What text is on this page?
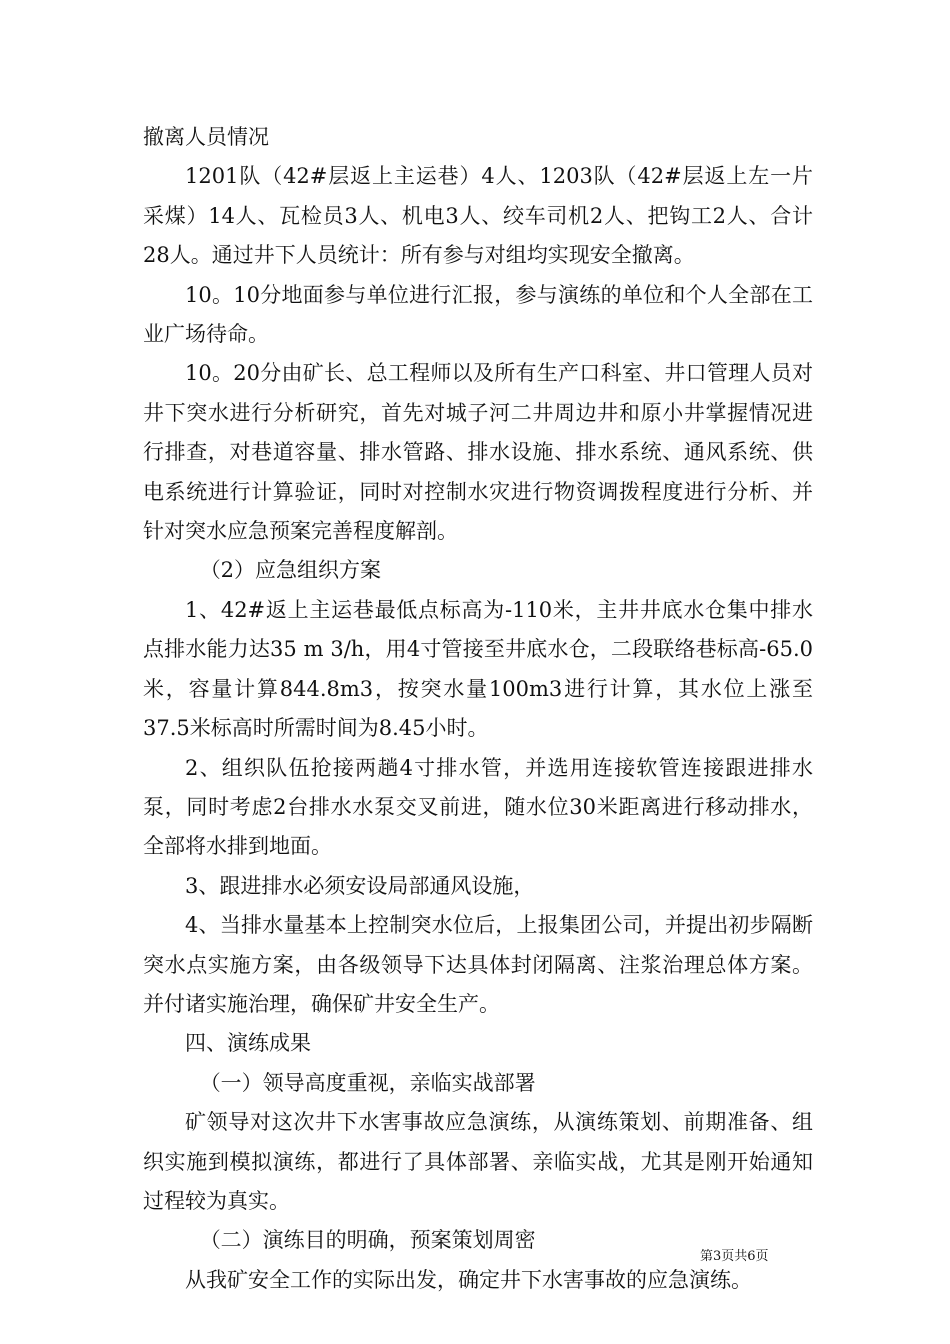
撤离人员情况

1201队（42#层返上主运巷）4人、1203队（42#层返上左一片采煤）14人、瓦检员3人、机电3人、绞车司机2人、把钩工2人、合计28人。通过井下人员统计：所有参与对组均实现安全撤离。

10。10分地面参与单位进行汇报，参与演练的单位和个人全部在工业广场待命。

10。20分由矿长、总工程师以及所有生产口科室、井口管理人员对井下突水进行分析研究，首先对城子河二井周边井和原小井掌握情况进行排查，对巷道容量、排水管路、排水设施、排水系统、通风系统、供电系统进行计算验证，同时对控制水灾进行物资调拨程度进行分析、并针对突水应急预案完善程度解剖。

（2）应急组织方案

1、42#返上主运巷最低点标高为-110米，主井井底水仓集中排水点排水能力达35 m 3/h，用4寸管接至井底水仓，二段联络巷标高-65.0米，容量计算844.8m3，按突水量100m3进行计算，其水位上涨至37.5米标高时所需时间为8.45小时。

2、组织队伍抢接两趟4寸排水管，并选用连接软管连接跟进排水泵，同时考虑2台排水水泵交叉前进，随水位30米距离进行移动排水，全部将水排到地面。

3、跟进排水必须安设局部通风设施，

4、当排水量基本上控制突水位后，上报集团公司，并提出初步隔断突水点实施方案，由各级领导下达具体封闭隔离、注浆治理总体方案。并付诸实施治理，确保矿井安全生产。

四、演练成果

（一）领导高度重视，亲临实战部署

矿领导对这次井下水害事故应急演练，从演练策划、前期准备、组织实施到模拟演练，都进行了具体部署、亲临实战，尤其是刚开始通知过程较为真实。

（二）演练目的明确，预案策划周密

从我矿安全工作的实际出发，确定井下水害事故的应急演练。

第3页共6页
